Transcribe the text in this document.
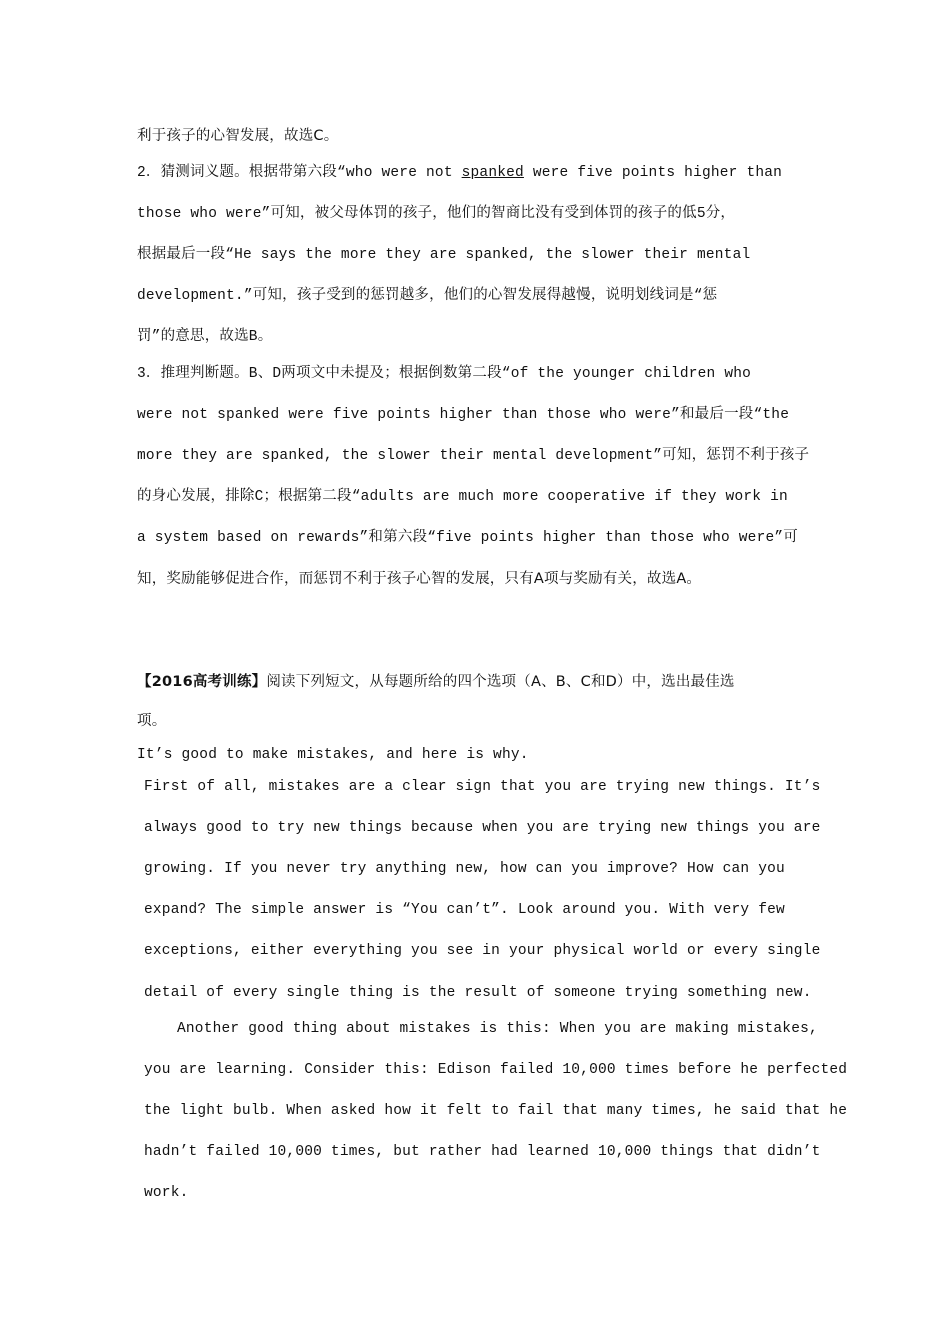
利于孩子的心智发展，故选C。
2．猜测词义题。根据带第六段“who were not spanked were five points higher than
those who were”可知，被父母体罚的孩子，他们的智商比没有受到体罚的孩子的低5分，
根据最后一段“He says the more they are spanked, the slower their mental
development.”可知，孩子受到的惩罚越多，他们的心智发展得越慢，说明划线词是“惩
罚”的意思，故选B。
3．推理判断题。B、D两项文中未提及；根据倒数第二段“of the younger children who
were not spanked were five points higher than those who were”和最后一段“the
more they are spanked, the slower their mental development”可知，惩罚不利于孩子
的身心发展，排除C；根据第二段“adults are much more cooperative if they work in
a system based on rewards”和第六段“five points higher than those who were”可
知，奖励能够促进合作，而惩罚不利于孩子心智的发展，只有A项与奖励有关，故选A。
【2016高考训练】阅读下列短文，从每题所给的四个选项（A、B、C和D）中，选出最佳选
项。
It’s good to make mistakes, and here is why.
First of all, mistakes are a clear sign that you are trying new things. It’s
always good to try new things because when you are trying new things you are
growing. If you never try anything new, how can you improve? How can you
expand? The simple answer is “You can’t”. Look around you. With very few
exceptions, either everything you see in your physical world or every single
detail of every single thing is the result of someone trying something new.
Another good thing about mistakes is this: When you are making mistakes,
you are learning. Consider this: Edison failed 10,000 times before he perfected
the light bulb. When asked how it felt to fail that many times, he said that he
hadn’t failed 10,000 times, but rather had learned 10,000 things that didn’t
work.
